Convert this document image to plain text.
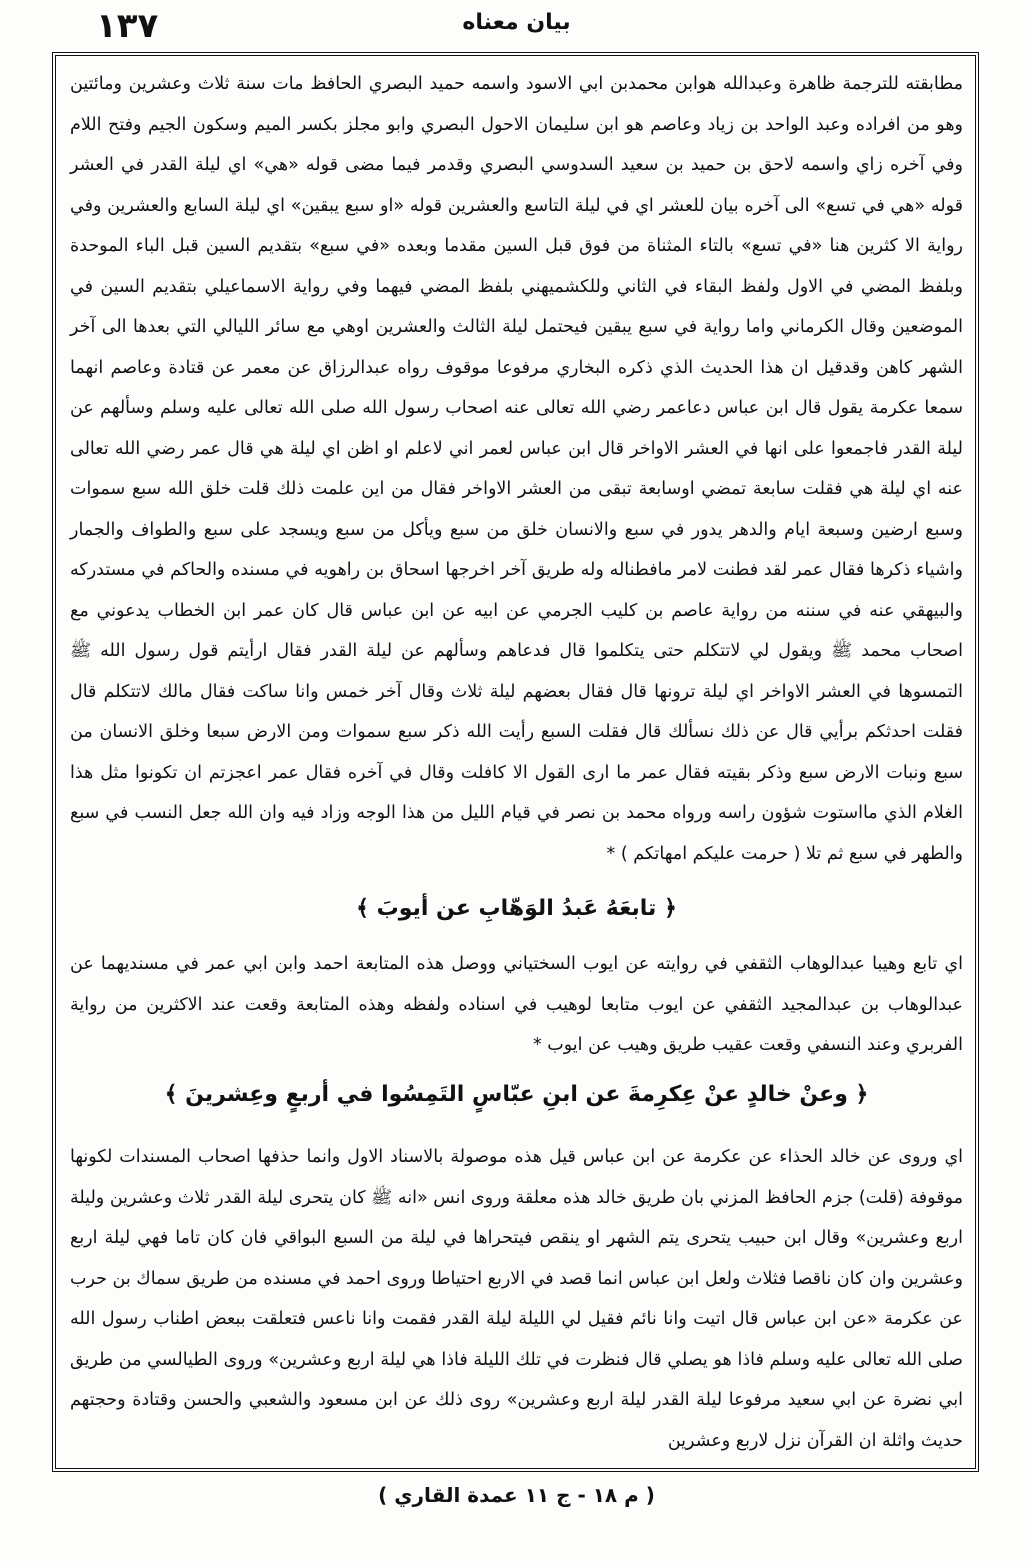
١٣٧	بيان معناه

مطابقته للترجمة ظاهرة وعبدالله هوابن محمدبن ابي الاسود واسمه حميد البصري الحافظ مات سنة ثلاث وعشرين ومائتين وهو من افراده وعبد الواحد بن زياد وعاصم هو ابن سليمان الاحول البصري وابو مجلز بكسر الميم وسكون الجيم وفتح اللام وفي آخره زاي واسمه لاحق بن حميد بن سعيد السدوسي البصري وقدمر فيما مضى قوله «هي» اي ليلة القدر في العشر قوله «هي في تسع» الى آخره بيان للعشر اي في ليلة التاسع والعشرين قوله «او سبع يبقين» اي ليلة السابع والعشرين وفي رواية الا كثرين هنا «في تسع» بالتاء المثناة من فوق قبل السين مقدما وبعده «في سبع» بتقديم السين قبل الباء الموحدة وبلفظ المضي في الاول ولفظ البقاء في الثاني وللكشميهني بلفظ المضي فيهما وفي رواية الاسماعيلي بتقديم السين في الموضعين وقال الكرماني واما رواية في سبع يبقين فيحتمل ليلة الثالث والعشرين اوهي مع سائر الليالي التي بعدها الى آخر الشهر كاهن وقدقيل ان هذا الحديث الذي ذكره البخاري مرفوعا موقوف رواه عبدالرزاق عن معمر عن قتادة وعاصم انهما سمعا عكرمة يقول قال ابن عباس دعاعمر رضي الله تعالى عنه اصحاب رسول الله صلى الله تعالى عليه وسلم وسألهم عن ليلة القدر فاجمعوا على انها في العشر الاواخر قال ابن عباس لعمر اني لاعلم او اظن اي ليلة هي قال عمر رضي الله تعالى عنه اي ليلة هي فقلت سابعة تمضي اوسابعة تبقى من العشر الاواخر فقال من اين علمت ذلك قلت خلق الله سبع سموات وسبع ارضين وسبعة ايام والدهر يدور في سبع والانسان خلق من سبع ويأكل من سبع ويسجد على سبع والطواف والجمار واشياء ذكرها فقال عمر لقد فطنت لامر مافطناله وله طريق آخر اخرجها اسحاق بن راهويه في مسنده والحاكم في مستدركه والبيهقي عنه في سننه من رواية عاصم بن كليب الجرمي عن ابيه عن ابن عباس قال كان عمر ابن الخطاب يدعوني مع اصحاب محمد ﷺ ويقول لي لاتتكلم حتى يتكلموا قال فدعاهم وسألهم عن ليلة القدر فقال ارأيتم قول رسول الله ﷺ التمسوها في العشر الاواخر اي ليلة ترونها قال فقال بعضهم ليلة ثلاث وقال آخر خمس وانا ساكت فقال مالك لاتتكلم قال فقلت احدثكم برأيي قال عن ذلك نسألك قال فقلت السبع رأيت الله ذكر سبع سموات ومن الارض سبعا وخلق الانسان من سبع ونبات الارض سبع وذكر بقيته فقال عمر ما ارى القول الا كافلت وقال في آخره فقال عمر اعجزتم ان تكونوا مثل هذا الغلام الذي مااستوت شؤون راسه ورواه محمد بن نصر في قيام الليل من هذا الوجه وزاد فيه وان الله جعل النسب في سبع والطهر في سبع ثم تلا ( حرمت عليكم امهاتكم ) *

﴿ تابعَهُ عَبدُ الوَهّابِ عن أيوبَ ﴾

اي تابع وهيبا عبدالوهاب الثقفي في روايته عن ايوب السختياني ووصل هذه المتابعة احمد وابن ابي عمر في مسنديهما عن عبدالوهاب بن عبدالمجيد الثقفي عن ايوب متابعا لوهيب في اسناده ولفظه وهذه المتابعة وقعت عند الاكثرين من رواية الفربري وعند النسفي وقعت عقيب طريق وهيب عن ايوب *

﴿ وعنْ خالدٍ عنْ عِكرِمةَ عن ابنِ عبّاسٍ التَمِسُوا في أربعٍ وعِشرينَ ﴾

اي وروى عن خالد الحذاء عن عكرمة عن ابن عباس قيل هذه موصولة بالاسناد الاول وانما حذفها اصحاب المسندات لكونها موقوفة (قلت) جزم الحافظ المزني بان طريق خالد هذه معلقة وروى انس «انه ﷺ كان يتحرى ليلة القدر ثلاث وعشرين وليلة اربع وعشرين» وقال ابن حبيب يتحرى يتم الشهر او ينقص فيتحراها في ليلة من السبع البواقي فان كان تاما فهي ليلة اربع وعشرين وان كان ناقصا فثلاث ولعل ابن عباس انما قصد في الاربع احتياطا وروى احمد في مسنده من طريق سماك بن حرب عن عكرمة «عن ابن عباس قال اتيت وانا نائم فقيل لي الليلة ليلة القدر فقمت وانا ناعس فتعلقت ببعض اطناب رسول الله صلى الله تعالى عليه وسلم فاذا هو يصلي قال فنظرت في تلك الليلة فاذا هي ليلة اربع وعشرين» وروى الطيالسي من طريق ابي نضرة عن ابي سعيد مرفوعا ليلة القدر ليلة اربع وعشرين» روى ذلك عن ابن مسعود والشعبي والحسن وقتادة وحجتهم حديث واثلة ان القرآن نزل لاربع وعشرين

( م ١٨ - ج ١١ عمدة القاري )
